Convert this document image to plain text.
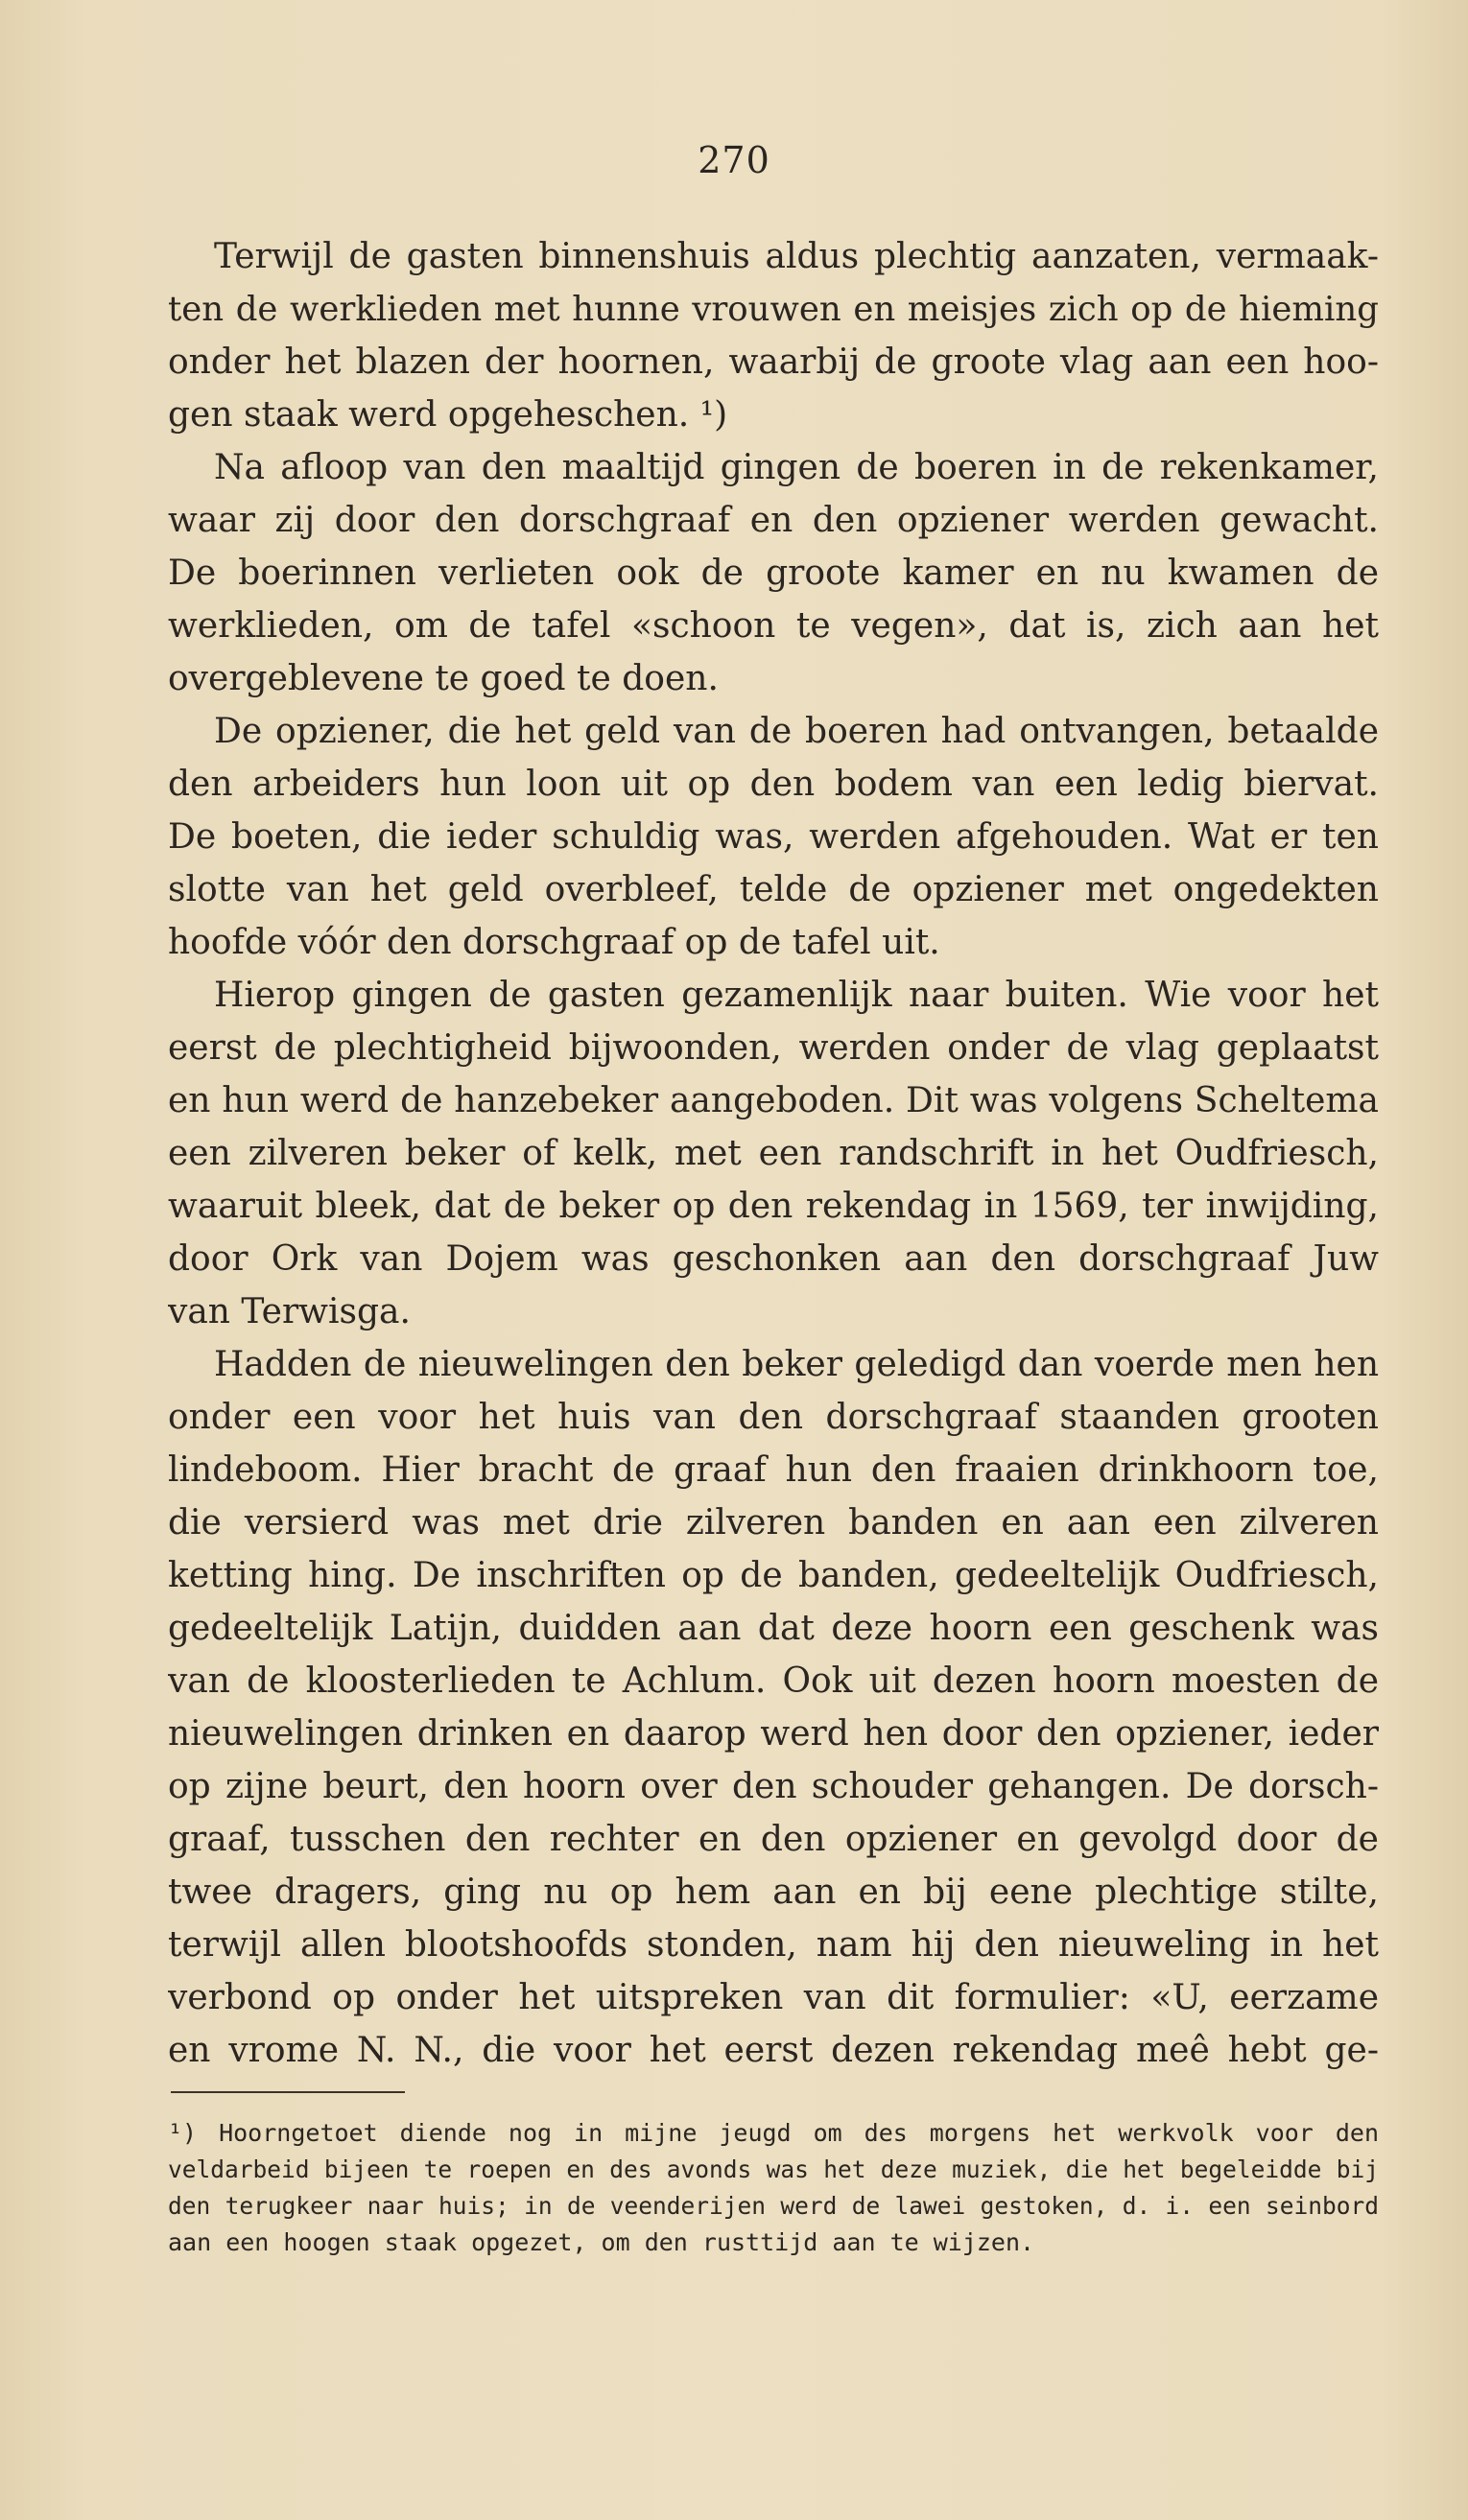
270
Terwijl de gasten binnenshuis aldus plechtig aanzaten, vermaak-
ten de werklieden met hunne vrouwen en meisjes zich op de hieming
onder het blazen der hoornen, waarbij de groote vlag aan een hoo-
gen staak werd opgeheschen. ¹)
Na afloop van den maaltijd gingen de boeren in de rekenkamer,
waar zij door den dorschgraaf en den opziener werden gewacht.
De boerinnen verlieten ook de groote kamer en nu kwamen de
werklieden, om de tafel «schoon te vegen», dat is, zich aan het
overgeblevene te goed te doen.
De opziener, die het geld van de boeren had ontvangen, betaalde
den arbeiders hun loon uit op den bodem van een ledig biervat.
De boeten, die ieder schuldig was, werden afgehouden. Wat er ten
slotte van het geld overbleef, telde de opziener met ongedekten
hoofde vóór den dorschgraaf op de tafel uit.
Hierop gingen de gasten gezamenlijk naar buiten. Wie voor het
eerst de plechtigheid bijwoonden, werden onder de vlag geplaatst
en hun werd de hanzebeker aangeboden. Dit was volgens Scheltema
een zilveren beker of kelk, met een randschrift in het Oudfriesch,
waaruit bleek, dat de beker op den rekendag in 1569, ter inwijding,
door Ork van Dojem was geschonken aan den dorschgraaf Juw
van Terwisga.
Hadden de nieuwelingen den beker geledigd dan voerde men hen
onder een voor het huis van den dorschgraaf staanden grooten
lindeboom. Hier bracht de graaf hun den fraaien drinkhoorn toe,
die versierd was met drie zilveren banden en aan een zilveren
ketting hing. De inschriften op de banden, gedeeltelijk Oudfriesch,
gedeeltelijk Latijn, duidden aan dat deze hoorn een geschenk was
van de kloosterlieden te Achlum. Ook uit dezen hoorn moesten de
nieuwelingen drinken en daarop werd hen door den opziener, ieder
op zijne beurt, den hoorn over den schouder gehangen. De dorsch-
graaf, tusschen den rechter en den opziener en gevolgd door de
twee dragers, ging nu op hem aan en bij eene plechtige stilte,
terwijl allen blootshoofds stonden, nam hij den nieuweling in het
verbond op onder het uitspreken van dit formulier: «U, eerzame
en vrome N. N., die voor het eerst dezen rekendag meê hebt ge-
¹) Hoorngetoet diende nog in mijne jeugd om des morgens het werkvolk voor den
veldarbeid bijeen te roepen en des avonds was het deze muziek, die het begeleidde bij
den terugkeer naar huis; in de veenderijen werd de lawei gestoken, d. i. een seinbord
aan een hoogen staak opgezet, om den rusttijd aan te wijzen.
